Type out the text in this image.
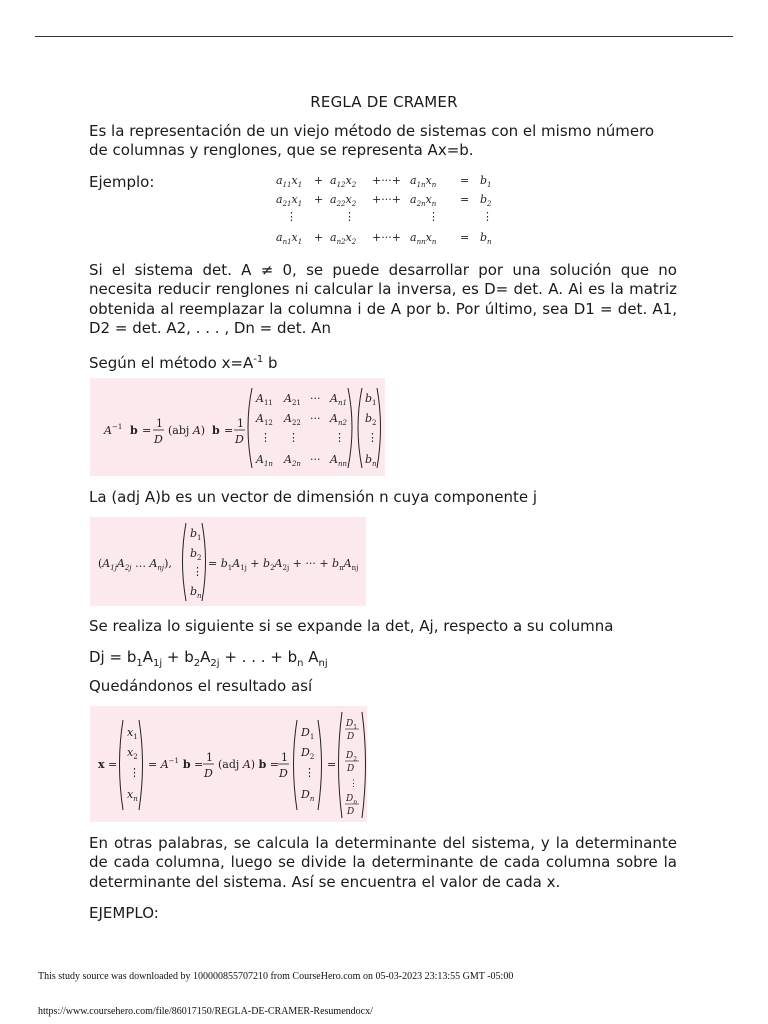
REGLA DE CRAMER
Es la representación de un viejo método de sistemas con el mismo número de columnas y renglones, que se representa Ax=b.
Ejemplo:	$a_{11}x_1 + a_{12}x_2$ +···+ $a_{1n}x_n = b_1$
$a_{21}x_1 + a_{22}x_2$ +···+ $a_{2n}x_n = b_2$
⋮	⋮	⋮	⋮
$a_{n1}x_1 + a_{n2}x_2$ +···+ $a_{nn}x_n = b_n$
Si el sistema det. A ≠ 0, se puede desarrollar por una solución que no necesita reducir renglones ni calcular la inversa, es D= det. A. Ai es la matriz obtenida al reemplazar la columna i de A por b. Por último, sea D1 = det. A1, D2 = det. A2, . . . , Dn = det. An
Según el método $x=A^{-1}$ b
$A^{-1}$ b =
1
D
(abj A) b =
1
D
$A_{11}$ $A_{21}$ ··· $A_{n1}$
$A_{12}$ $A_{22}$ ··· $A_{n2}$
⋮ ⋮	⋮
$A_{1n}$ $A_{2n}$ ··· $A_{nn}$
$b_1$
$b_2$
⋮
$b_n$
La (adj A)b es un vector de dimensión n cuya componente j
($A_{1j}A_{2j}$ … $A_{nj}$),
$b_1$
$b_2$
⋮
$b_n$
= $b_1A_{1j} + b_2A_{2j}$ + ··· + $b_nA_{nj}$
Se realiza lo siguiente si se expande la det, Aj, respecto a su columna
$Dj = b_1A_{1j} + b_2A_{2j}$ + . . . + $b_n$ $A_{nj}$
Quedándonos el resultado así
x =
$x_1$
$x_2$
⋮
$x_n$
= $A^{-1}$ b =
1
D
(adj A) b =
1
D
$D_1$
$D_2$
⋮
$D_n$
=
$D_1$
D
$D_2$
D
⋮
$D_n$
D
En otras palabras, se calcula la determinante del sistema, y la determinante de cada columna, luego se divide la determinante de cada columna sobre la determinante del sistema. Así se encuentra el valor de cada x.
EJEMPLO:
This study source was downloaded by 100000855707210 from CourseHero.com on 05-03-2023 23:13:55 GMT -05:00
https://www.coursehero.com/file/86017150/REGLA-DE-CRAMER-Resumendocx/
